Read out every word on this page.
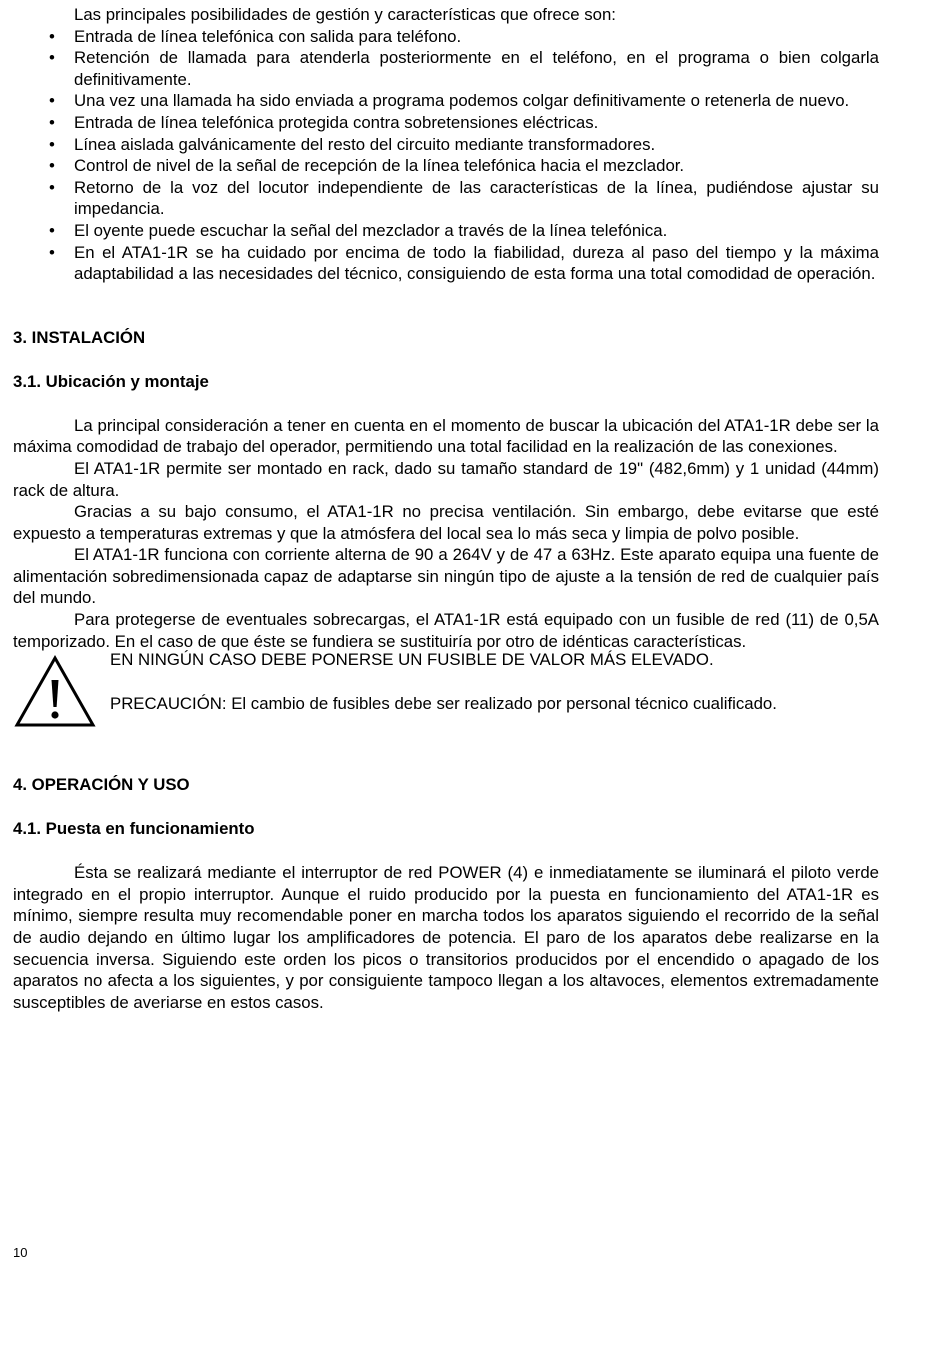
Las principales posibilidades de gestión y características que ofrece son:

• Entrada de línea telefónica con salida para teléfono.
• Retención de llamada para atenderla posteriormente en el teléfono, en el programa o bien colgarla definitivamente.
• Una vez una llamada ha sido enviada a programa podemos colgar definitivamente o retenerla de nuevo.
• Entrada de línea telefónica protegida contra sobretensiones eléctricas.
• Línea aislada galvánicamente del resto del circuito mediante transformadores.
• Control de nivel de la señal de recepción de la línea telefónica hacia el mezclador.
• Retorno de la voz del locutor independiente de las características de la línea, pudiéndose ajustar su impedancia.
• El oyente puede escuchar la señal del mezclador a través de la línea telefónica.
• En el ATA1-1R se ha cuidado por encima de todo la fiabilidad, dureza al paso del tiempo y la máxima adaptabilidad a las necesidades del técnico, consiguiendo de esta forma una total comodidad de operación.
3. INSTALACIÓN
3.1. Ubicación y montaje

La principal consideración a tener en cuenta en el momento de buscar la ubicación del ATA1-1R debe ser la máxima comodidad de trabajo del operador, permitiendo una total facilidad en la realización de las conexiones.

El ATA1-1R permite ser montado en rack, dado su tamaño standard de 19" (482,6mm) y 1 unidad (44mm) rack de altura.

Gracias a su bajo consumo, el ATA1-1R no precisa ventilación. Sin embargo, debe evitarse que esté expuesto a temperaturas extremas y que la atmósfera del local sea lo más seca y limpia de polvo posible.

El ATA1-1R funciona con corriente alterna de 90 a 264V y de 47 a 63Hz. Este aparato equipa una fuente de alimentación sobredimensionada capaz de adaptarse sin ningún tipo de ajuste a la tensión de red de cualquier país del mundo.

Para protegerse de eventuales sobrecargas, el ATA1-1R está equipado con un fusible de red (11) de 0,5A temporizado. En el caso de que éste se fundiera se sustituiría por otro de idénticas características.

EN NINGÚN CASO DEBE PONERSE UN FUSIBLE DE VALOR MÁS ELEVADO.
PRECAUCIÓN: El cambio de fusibles debe ser realizado por personal técnico cualificado.
4. OPERACIÓN Y USO
4.1. Puesta en funcionamiento

Ésta se realizará mediante el interruptor de red POWER (4) e inmediatamente se iluminará el piloto verde integrado en el propio interruptor. Aunque el ruido producido por la puesta en funcionamiento del ATA1-1R es mínimo, siempre resulta muy recomendable poner en marcha todos los aparatos siguiendo el recorrido de la señal de audio dejando en último lugar los amplificadores de potencia. El paro de los aparatos debe realizarse en la secuencia inversa. Siguiendo este orden los picos o transitorios producidos por el encendido o apagado de los aparatos no afecta a los siguientes, y por consiguiente tampoco llegan a los altavoces, elementos extremadamente susceptibles de averiarse en estos casos.

10
